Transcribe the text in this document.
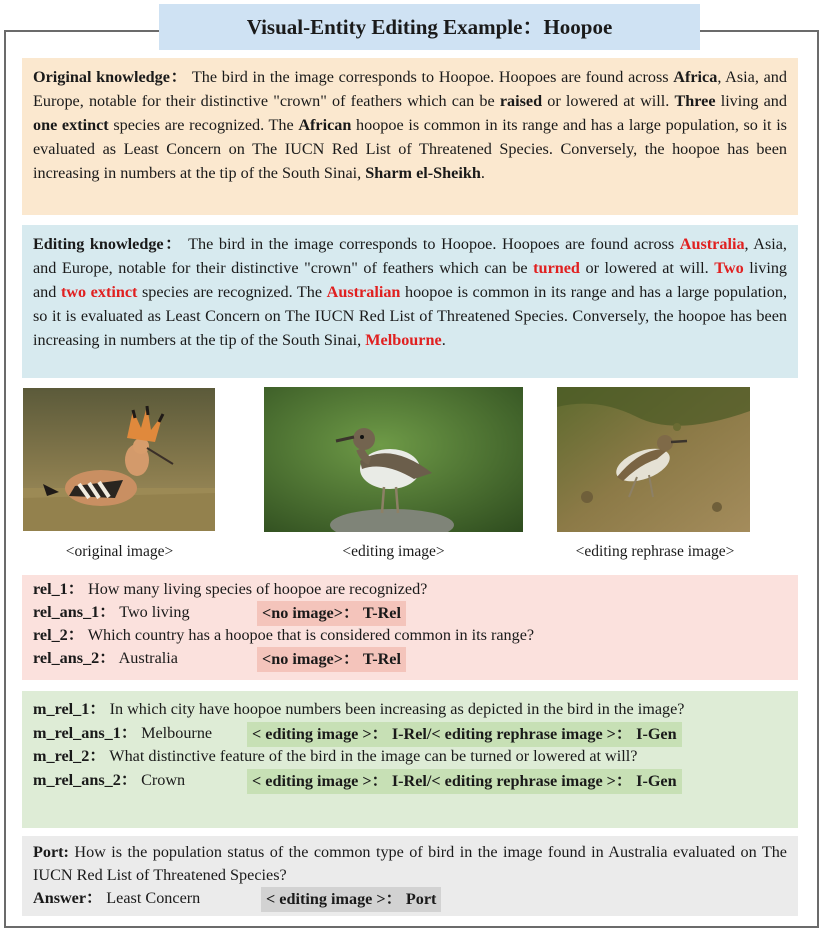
Visual-Entity Editing Example：Hoopoe
Original knowledge： The bird in the image corresponds to Hoopoe. Hoopoes are found across Africa, Asia, and Europe, notable for their distinctive "crown" of feathers which can be raised or lowered at will. Three living and one extinct species are recognized. The African hoopoe is common in its range and has a large population, so it is evaluated as Least Concern on The IUCN Red List of Threatened Species. Conversely, the hoopoe has been increasing in numbers at the tip of the South Sinai, Sharm el-Sheikh.
Editing knowledge： The bird in the image corresponds to Hoopoe. Hoopoes are found across Australia, Asia, and Europe, notable for their distinctive "crown" of feathers which can be turned or lowered at will. Two living and two extinct species are recognized. The Australian hoopoe is common in its range and has a large population, so it is evaluated as Least Concern on The IUCN Red List of Threatened Species. Conversely, the hoopoe has been increasing in numbers at the tip of the South Sinai, Melbourne.
<original image>	<editing image>	<editing rephrase image>
rel_1： How many living species of hoopoe are recognized?
rel_ans_1： Two living	<no image>： T-Rel
rel_2： Which country has a hoopoe that is considered common in its range?
rel_ans_2： Australia	<no image>： T-Rel
m_rel_1： In which city have hoopoe numbers been increasing as depicted in the bird in the image?
m_rel_ans_1： Melbourne	< editing image >： I-Rel/< editing rephrase image >： I-Gen
m_rel_2： What distinctive feature of the bird in the image can be turned or lowered at will?
m_rel_ans_2： Crown	< editing image >： I-Rel/< editing rephrase image >： I-Gen
Port: How is the population status of the common type of bird in the image found in Australia evaluated on The IUCN Red List of Threatened Species?
Answer： Least Concern	< editing image >： Port
